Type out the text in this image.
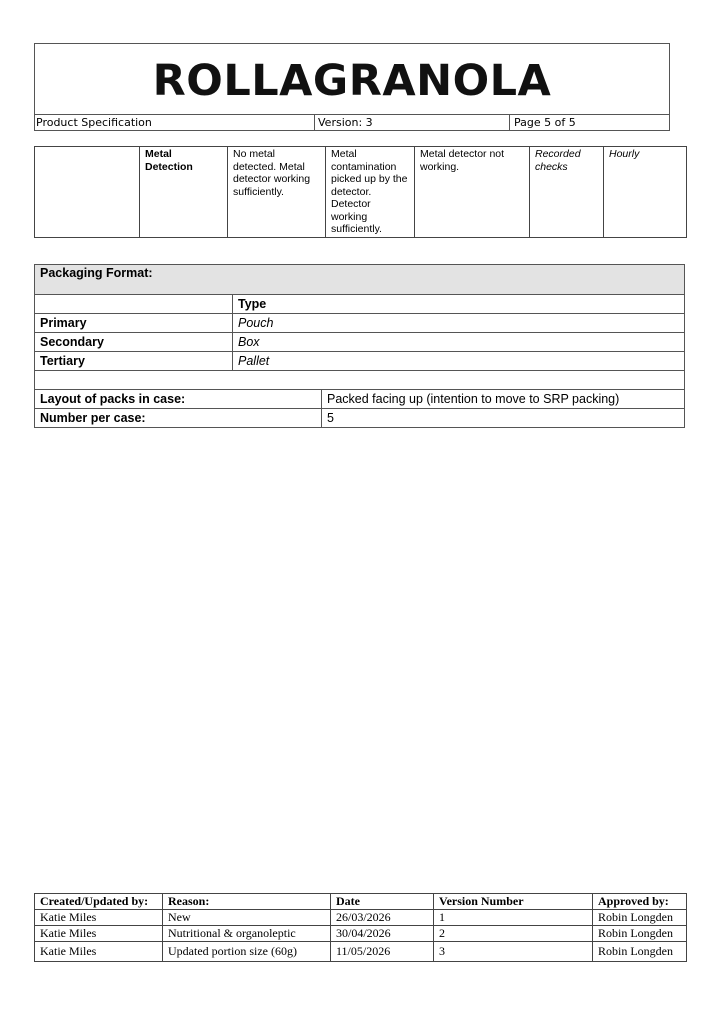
ROLLAGRANOLA
Product Specification	Version: 3	Page 5 of 5
	Metal Detection	No metal detected. Metal detector working sufficiently.	Metal contamination picked up by the detector. Detector working sufficiently.	Metal detector not working.	Recorded checks	Hourly
Packaging Format:		
	Type	
Primary	Pouch	
Secondary	Box	
Tertiary	Pallet	

Layout of packs in case:		Packed facing up (intention to move to SRP packing)
Number per case:		5
Created/Updated by:	Reason:	Date	Version Number	Approved by:
Katie Miles	New	26/03/2026	1	Robin Longden
Katie Miles	Nutritional & organoleptic	30/04/2026	2	Robin Longden
Katie Miles	Updated portion size (60g)	11/05/2026	3	Robin Longden
